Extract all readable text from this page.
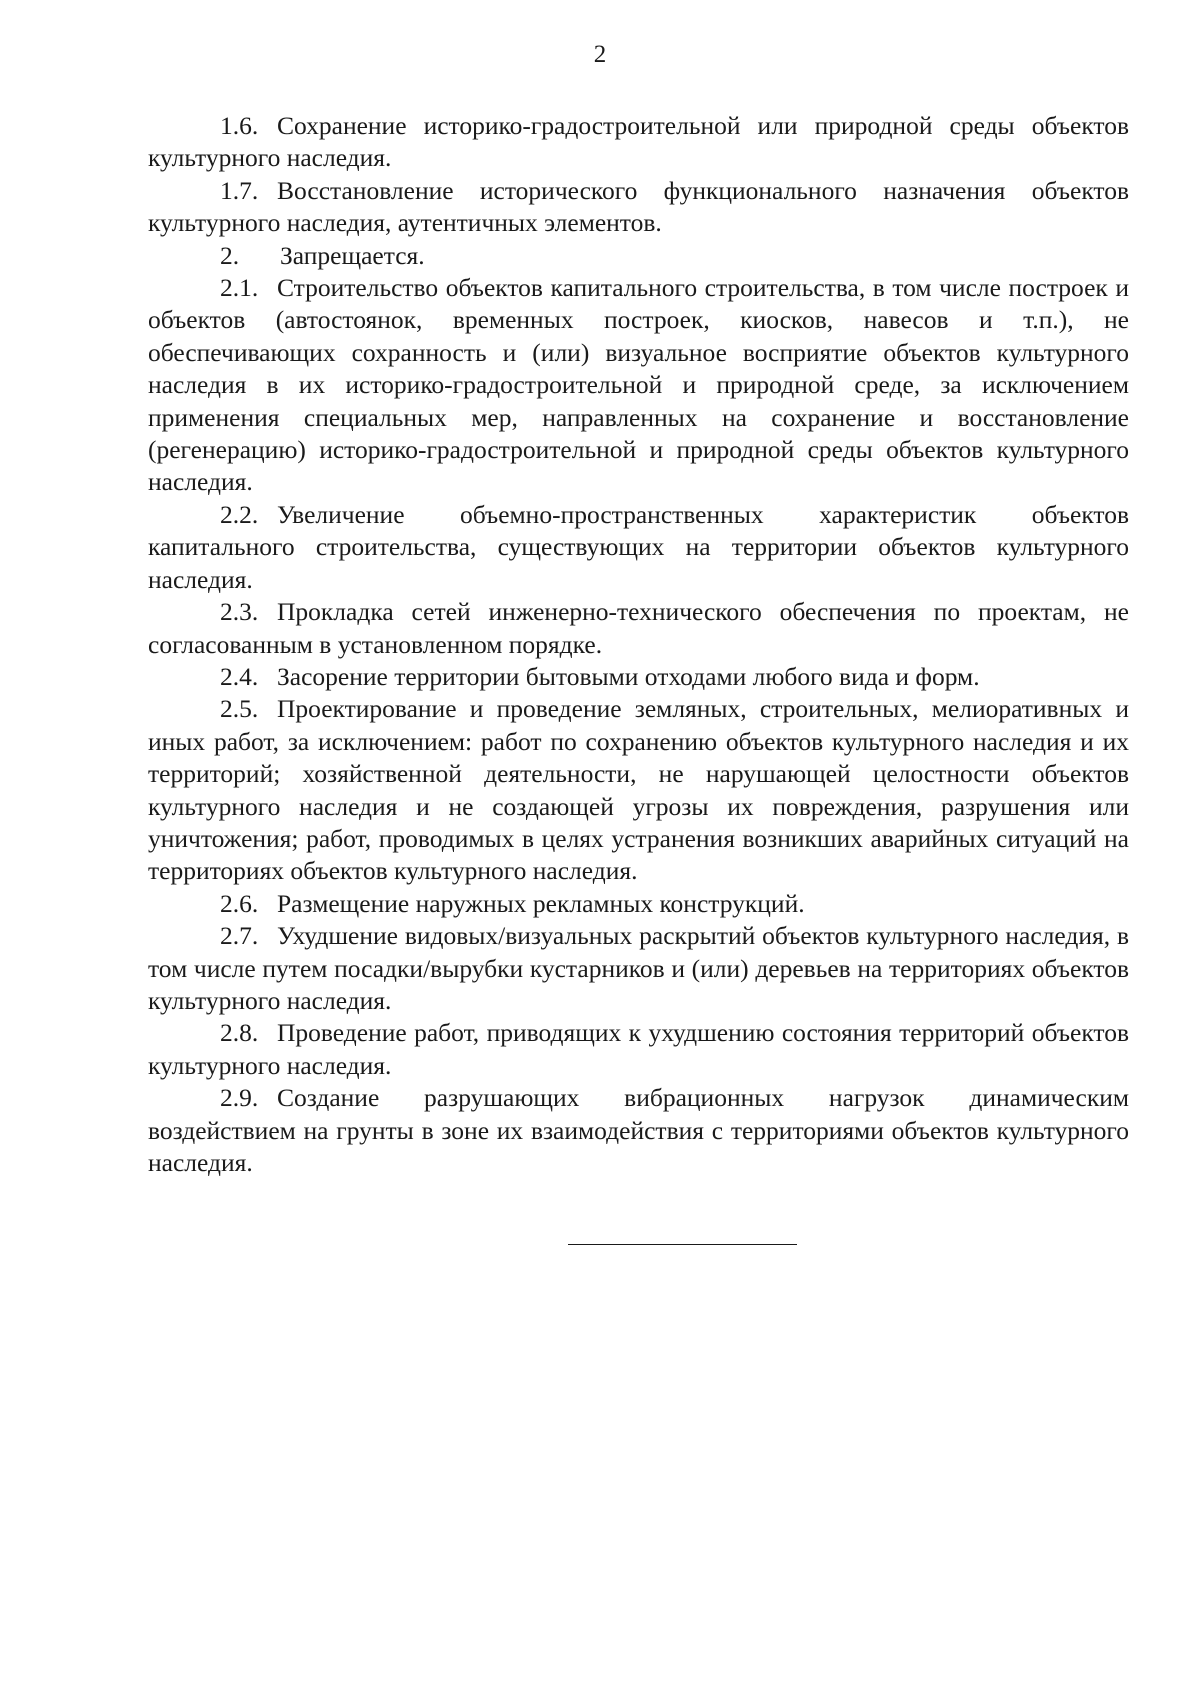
2

1.6. Сохранение историко-градостроительной или природной среды объектов культурного наследия.

1.7. Восстановление исторического функционального назначения объектов культурного наследия, аутентичных элементов.

2. Запрещается.

2.1. Строительство объектов капитального строительства, в том числе построек и объектов (автостоянок, временных построек, киосков, навесов и т.п.), не обеспечивающих сохранность и (или) визуальное восприятие объектов культурного наследия в их историко-градостроительной и природной среде, за исключением применения специальных мер, направленных на сохранение и восстановление (регенерацию) историко-градостроительной и природной среды объектов культурного наследия.

2.2. Увеличение объемно-пространственных характеристик объектов капитального строительства, существующих на территории объектов культурного наследия.

2.3. Прокладка сетей инженерно-технического обеспечения по проектам, не согласованным в установленном порядке.

2.4. Засорение территории бытовыми отходами любого вида и форм.

2.5. Проектирование и проведение земляных, строительных, мелиоративных и иных работ, за исключением: работ по сохранению объектов культурного наследия и их территорий; хозяйственной деятельности, не нарушающей целостности объектов культурного наследия и не создающей угрозы их повреждения, разрушения или уничтожения; работ, проводимых в целях устранения возникших аварийных ситуаций на территориях объектов культурного наследия.

2.6. Размещение наружных рекламных конструкций.

2.7. Ухудшение видовых/визуальных раскрытий объектов культурного наследия, в том числе путем посадки/вырубки кустарников и (или) деревьев на территориях объектов культурного наследия.

2.8. Проведение работ, приводящих к ухудшению состояния территорий объектов культурного наследия.

2.9. Создание разрушающих вибрационных нагрузок динамическим воздействием на грунты в зоне их взаимодействия с территориями объектов культурного наследия.
